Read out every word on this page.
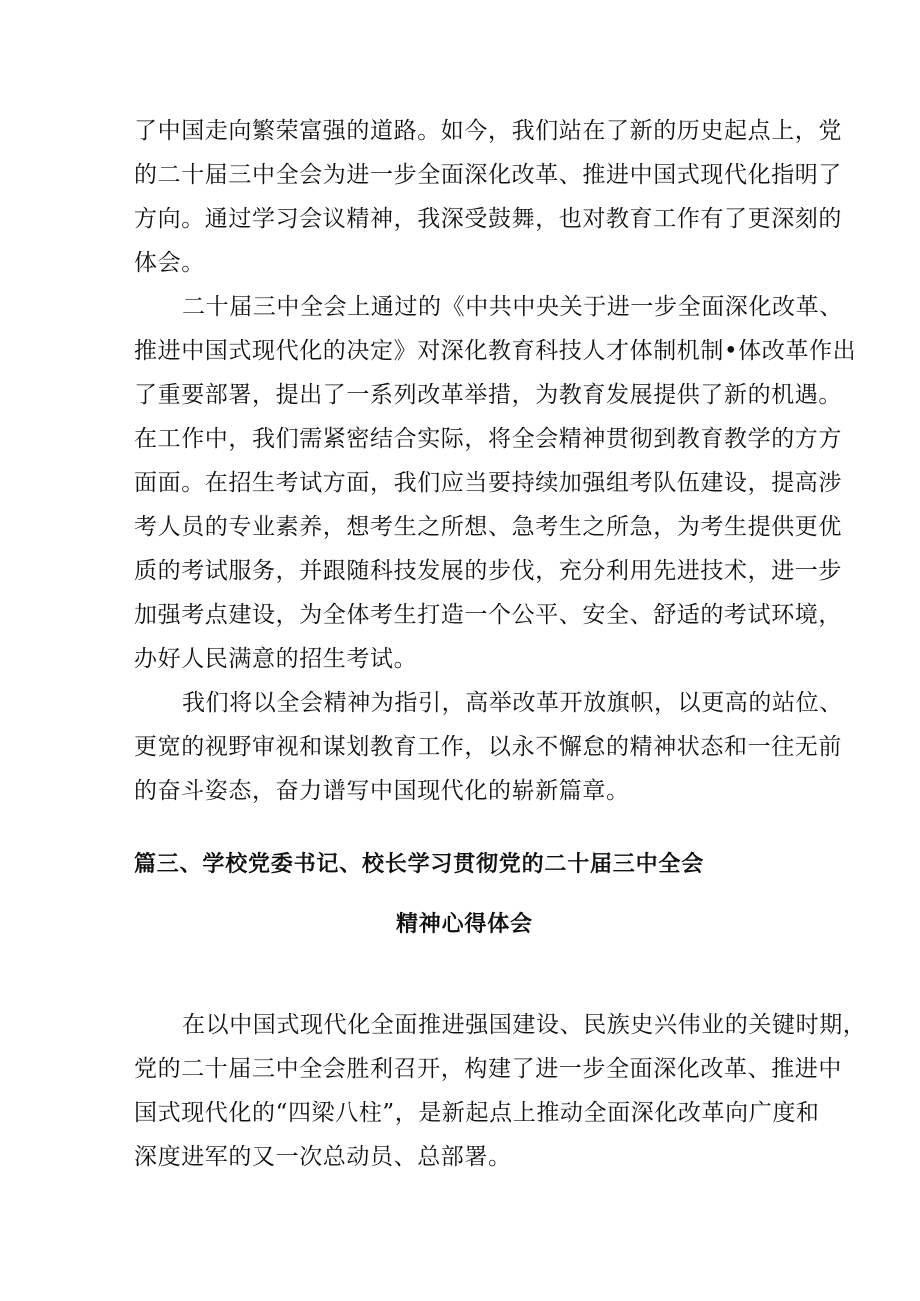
了中国走向繁荣富强的道路。如今，我们站在了新的历史起点上，党
的二十届三中全会为进一步全面深化改革、推进中国式现代化指明了
方向。通过学习会议精神，我深受鼓舞，也对教育工作有了更深刻的
体会。
二十届三中全会上通过的《中共中央关于进一步全面深化改革、
推进中国式现代化的决定》对深化教育科技人才体制机制•体改革作出
了重要部署，提出了一系列改革举措，为教育发展提供了新的机遇。
在工作中，我们需紧密结合实际，将全会精神贯彻到教育教学的方方
面面。在招生考试方面，我们应当要持续加强组考队伍建设，提高涉
考人员的专业素养，想考生之所想、急考生之所急，为考生提供更优
质的考试服务，并跟随科技发展的步伐，充分利用先进技术，进一步
加强考点建设，为全体考生打造一个公平、安全、舒适的考试环境，
办好人民满意的招生考试。
我们将以全会精神为指引，高举改革开放旗帜，以更高的站位、
更宽的视野审视和谋划教育工作，以永不懈怠的精神状态和一往无前
的奋斗姿态，奋力谱写中国现代化的崭新篇章。
篇三、学校党委书记、校长学习贯彻党的二十届三中全会
精神心得体会
在以中国式现代化全面推进强国建设、民族史兴伟业的关键时期，
党的二十届三中全会胜利召开，构建了进一步全面深化改革、推进中
国式现代化的“四梁八柱”，是新起点上推动全面深化改革向广度和
深度进军的又一次总动员、总部署。
